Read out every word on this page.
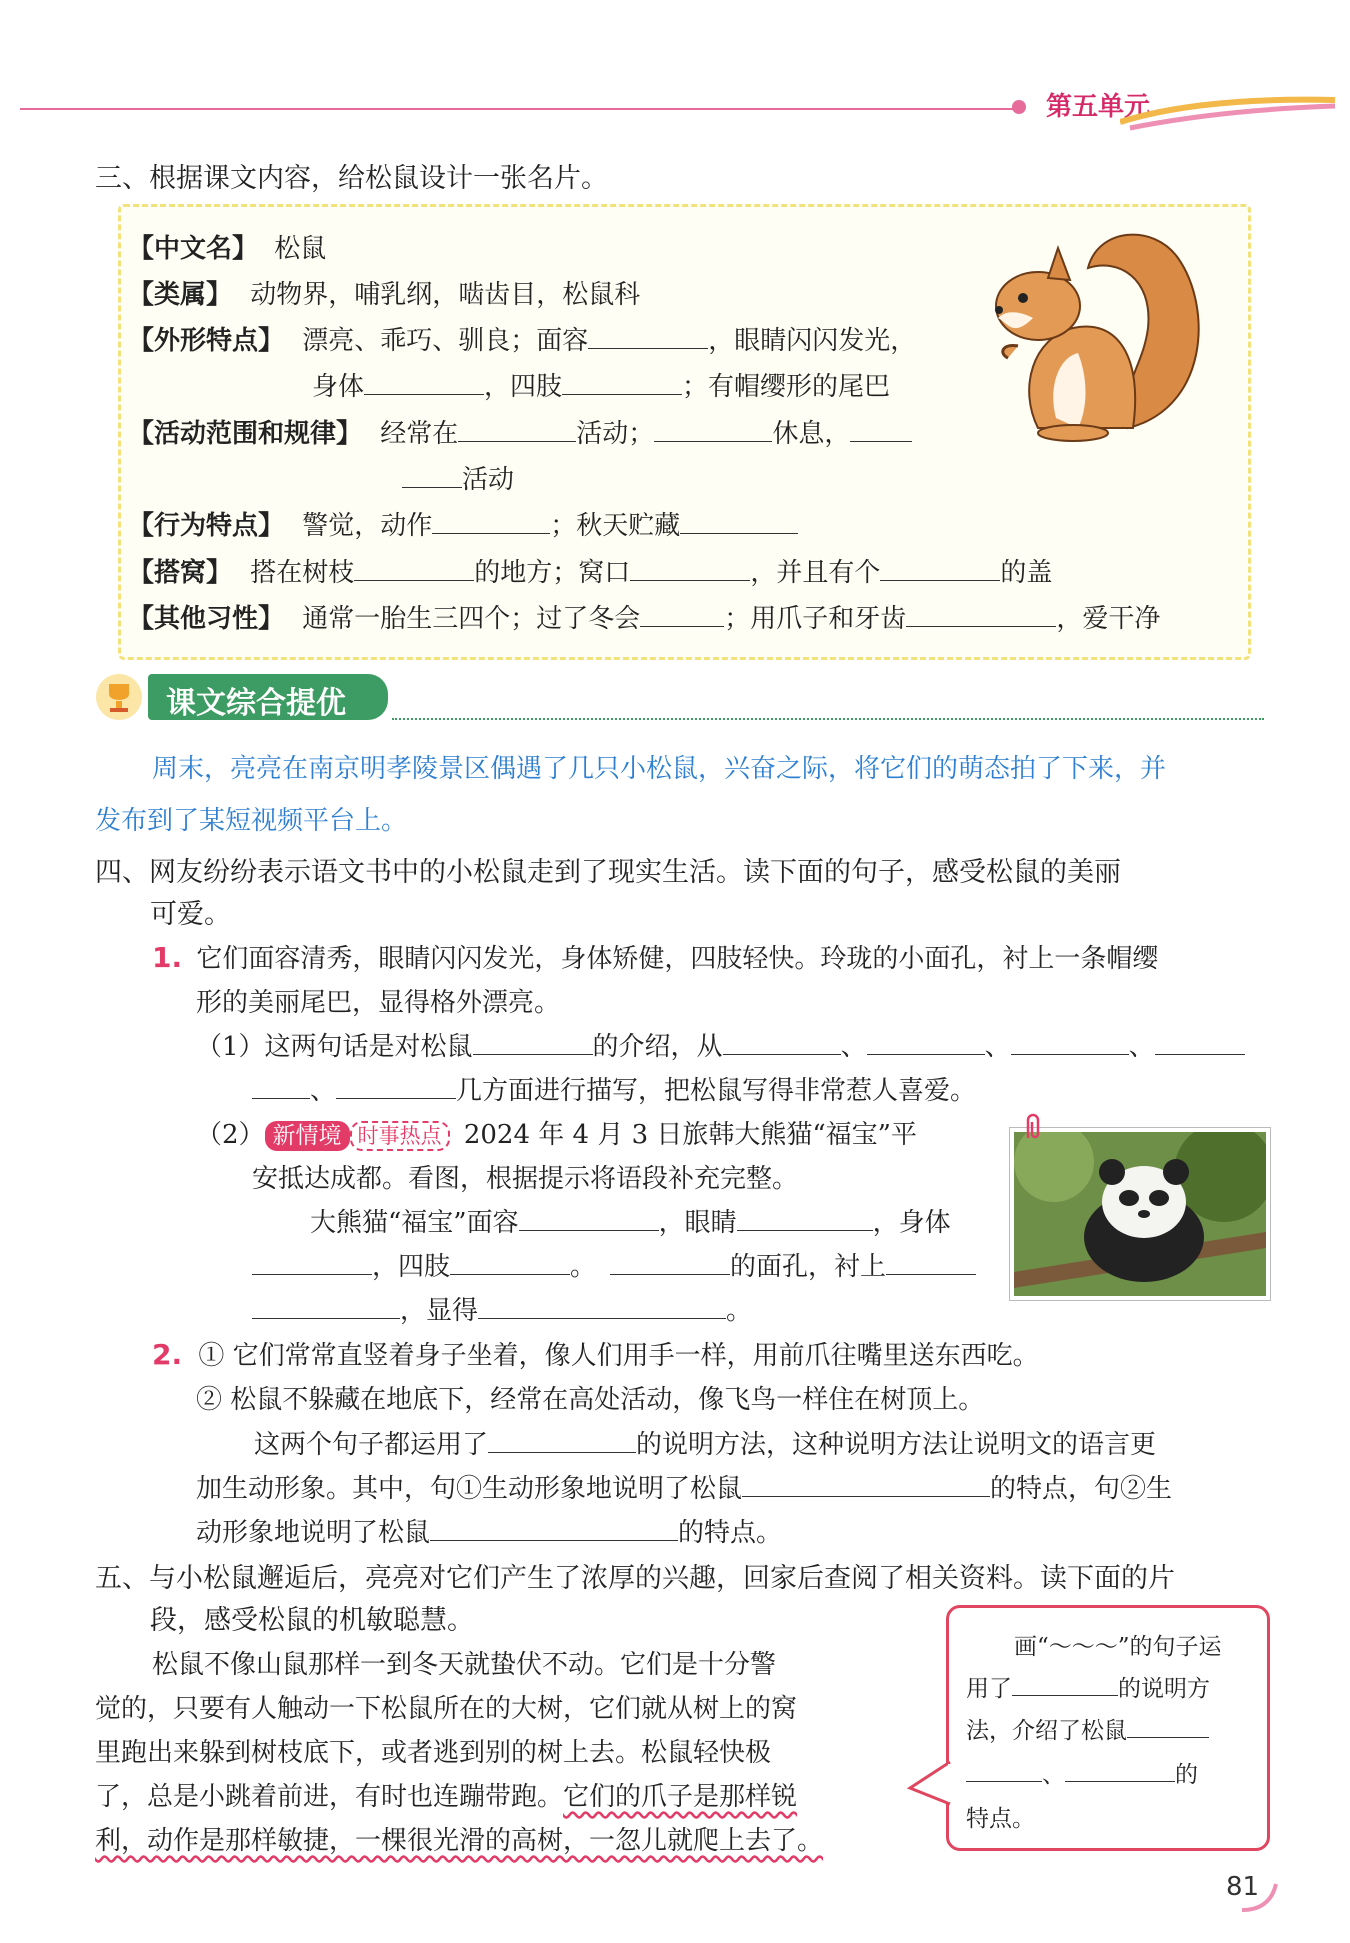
第五单元
三、根据课文内容，给松鼠设计一张名片。
【中文名】 松鼠
【类属】 动物界，哺乳纲，啮齿目，松鼠科
【外形特点】 漂亮、乖巧、驯良；面容	，眼睛闪闪发光，
身体	，四肢	；有帽缨形的尾巴
【活动范围和规律】 经常在	活动；	休息，
活动
【行为特点】 警觉，动作	；秋天贮藏
【搭窝】 搭在树枝	的地方；窝口	，并且有个	的盖
【其他习性】 通常一胎生三四个；过了冬会	；用爪子和牙齿	，爱干净
课文综合提优
周末，亮亮在南京明孝陵景区偶遇了几只小松鼠，兴奋之际，将它们的萌态拍了下来，并
发布到了某短视频平台上。
四、网友纷纷表示语文书中的小松鼠走到了现实生活。读下面的句子，感受松鼠的美丽
可爱。
1. 它们面容清秀，眼睛闪闪发光，身体矫健，四肢轻快。玲珑的小面孔，衬上一条帽缨
形的美丽尾巴，显得格外漂亮。
（1）这两句话是对松鼠	的介绍，从	、	、	、
、	几方面进行描写，把松鼠写得非常惹人喜爱。
（2） 新情境 时事热点 2024 年 4 月 3 日旅韩大熊猫“福宝”平
安抵达成都。看图，根据提示将语段补充完整。
大熊猫“福宝”面容	，眼睛	，身体
，四肢	。	的面孔，衬上
，显得	。
2. ① 它们常常直竖着身子坐着，像人们用手一样，用前爪往嘴里送东西吃。
② 松鼠不躲藏在地底下，经常在高处活动，像飞鸟一样住在树顶上。
这两个句子都运用了	的说明方法，这种说明方法让说明文的语言更
加生动形象。其中，句①生动形象地说明了松鼠	的特点，句②生
动形象地说明了松鼠	的特点。
五、与小松鼠邂逅后，亮亮对它们产生了浓厚的兴趣，回家后查阅了相关资料。读下面的片
段，感受松鼠的机敏聪慧。
松鼠不像山鼠那样一到冬天就蛰伏不动。它们是十分警
觉的，只要有人触动一下松鼠所在的大树，它们就从树上的窝
里跑出来躲到树枝底下，或者逃到别的树上去。松鼠轻快极
了，总是小跳着前进，有时也连蹦带跑。它们的爪子是那样锐
利，动作是那样敏捷，一棵很光滑的高树，一忽儿就爬上去了。
画“～～～”的句子运
用了	的说明方
法，介绍了松鼠
、	的
特点。
81
